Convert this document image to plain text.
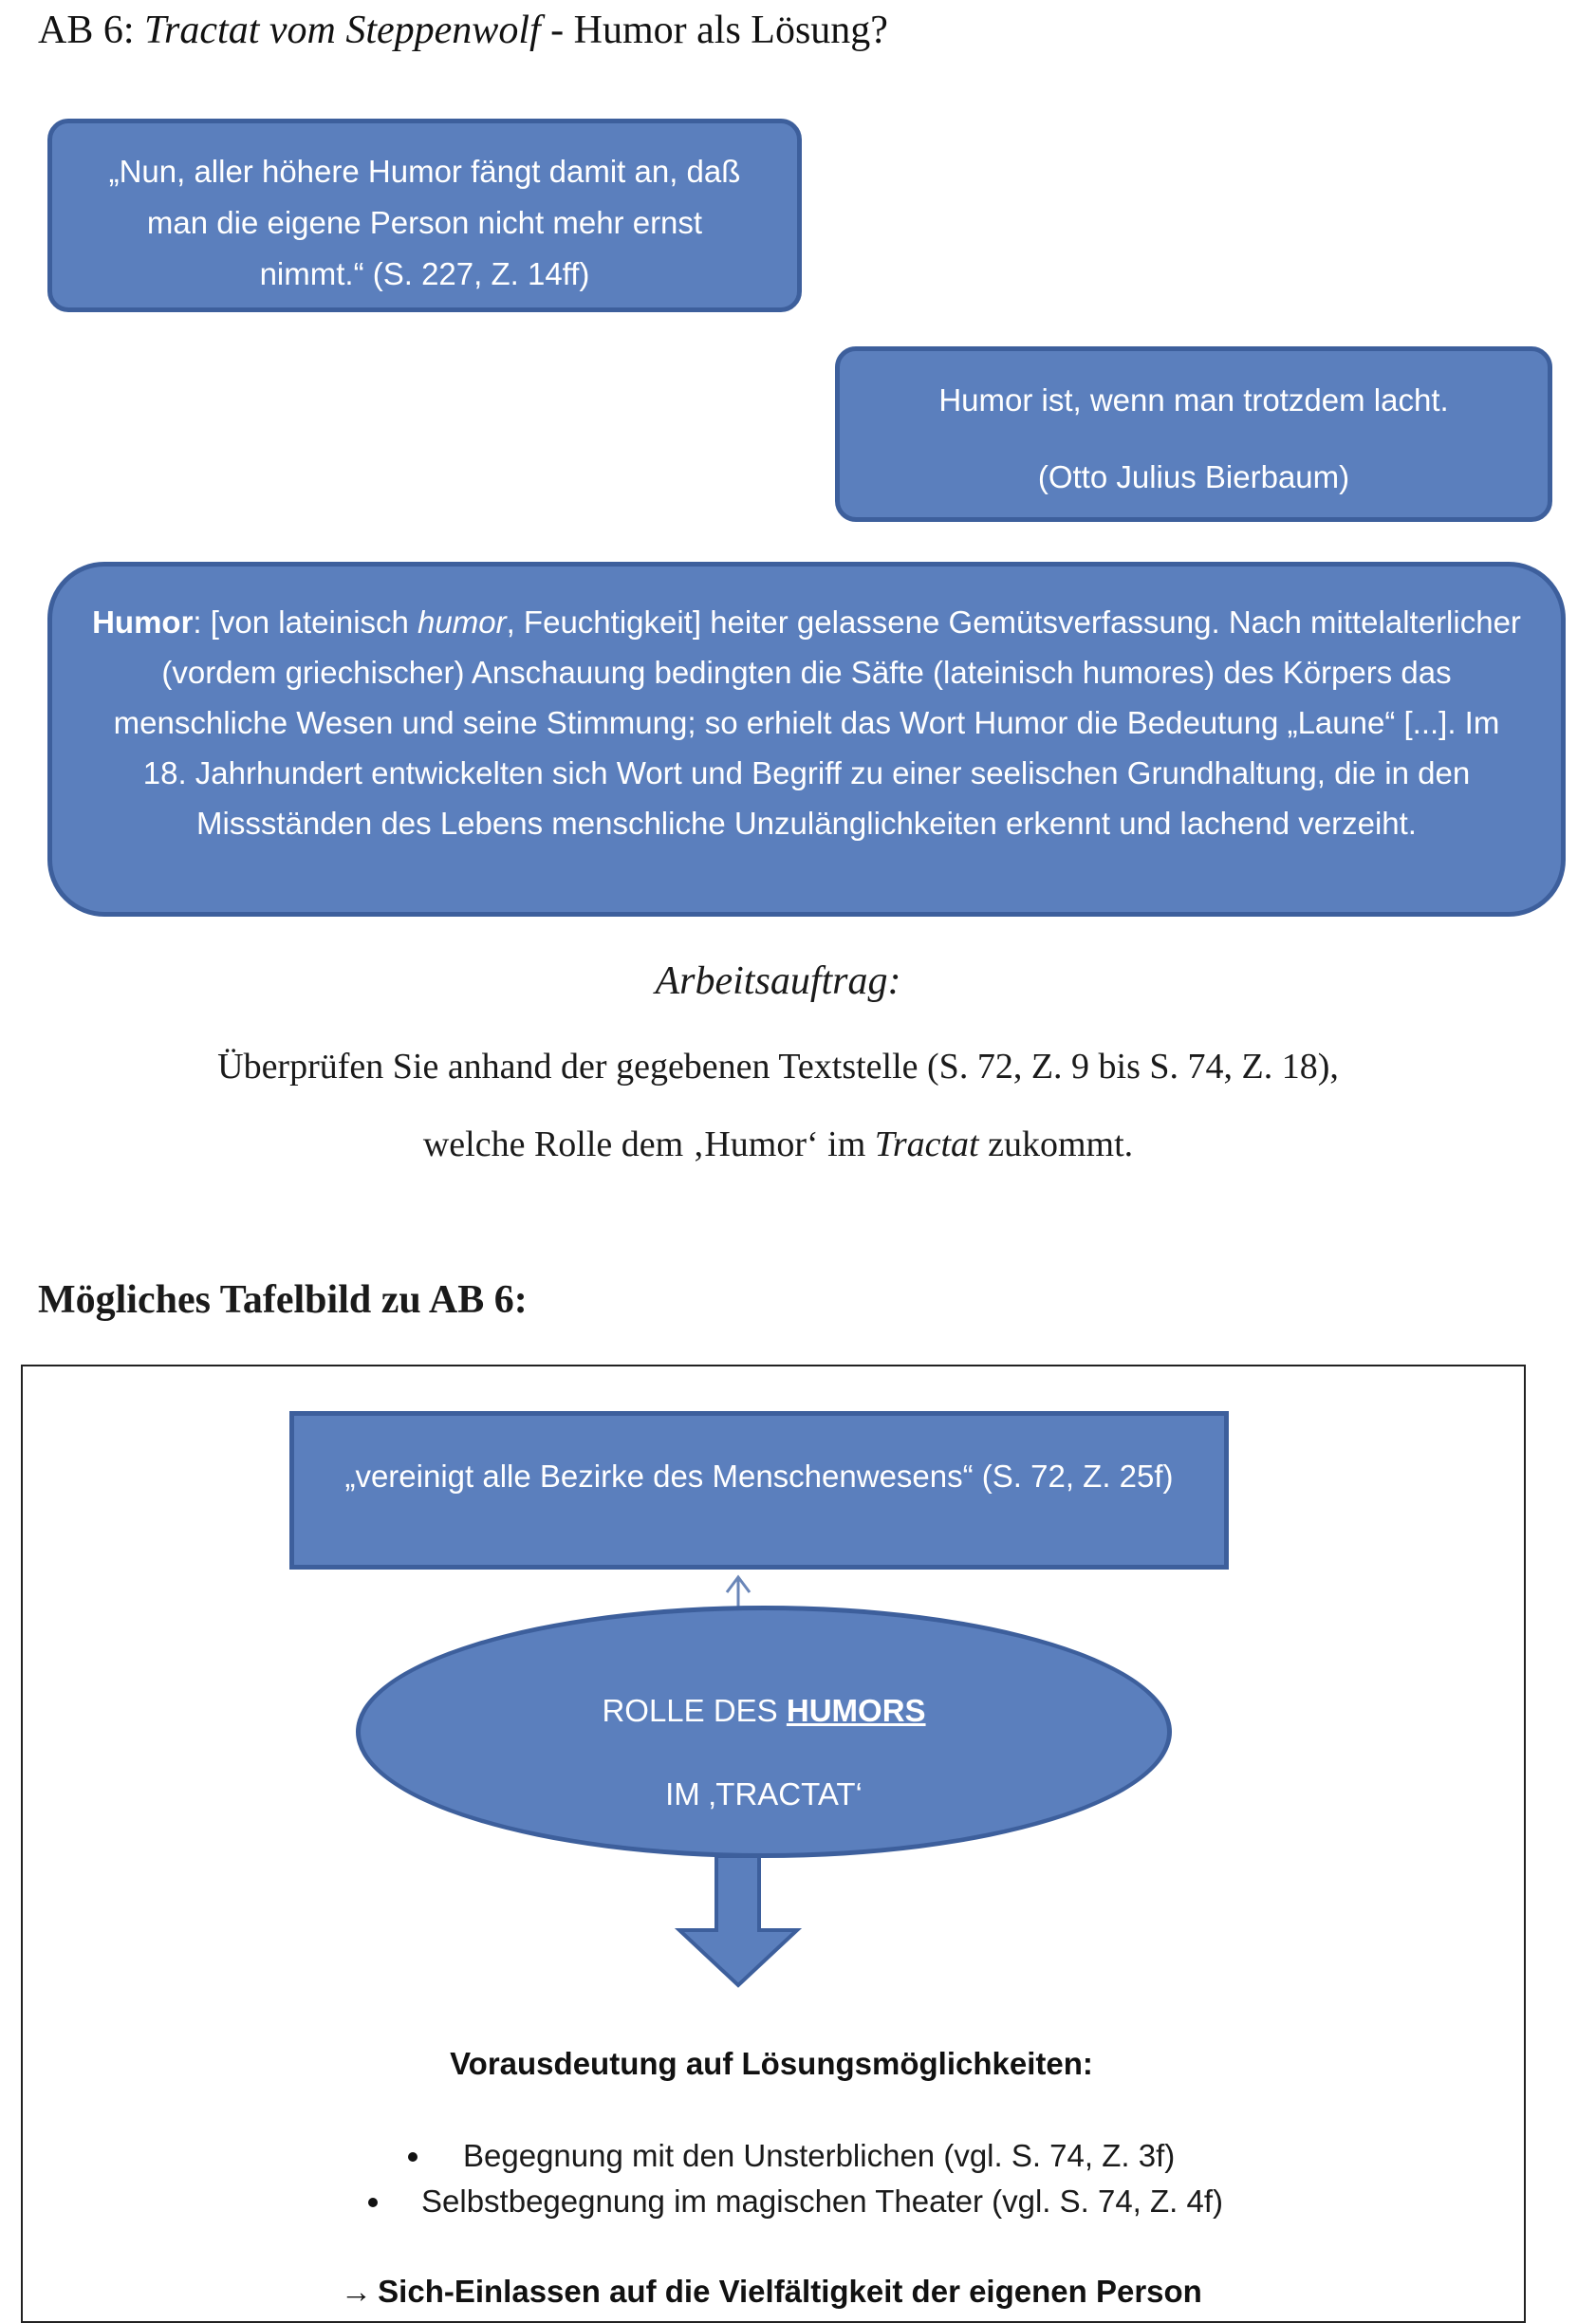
AB 6: Tractat vom Steppenwolf - Humor als Lösung?
„Nun, aller höhere Humor fängt damit an, daß man die eigene Person nicht mehr ernst nimmt.“ (S. 227, Z. 14ff)

Humor ist, wenn man trotzdem lacht.

(Otto Julius Bierbaum)

Humor: [von lateinisch humor, Feuchtigkeit] heiter gelassene Gemütsverfassung. Nach mittelalterlicher (vordem griechischer) Anschauung bedingten die Säfte (lateinisch humores) des Körpers das menschliche Wesen und seine Stimmung; so erhielt das Wort Humor die Bedeutung „Laune“ [...]. Im 18. Jahrhundert entwickelten sich Wort und Begriff zu einer seelischen Grundhaltung, die in den Missständen des Lebens menschliche Unzulänglichkeiten erkennt und lachend verzeiht.
Arbeitsauftrag:
Überprüfen Sie anhand der gegebenen Textstelle (S. 72, Z. 9 bis S. 74, Z. 18),
welche Rolle dem ‚Humor‘ im Tractat zukommt.
Mögliches Tafelbild zu AB 6:
„vereinigt alle Bezirke des Menschenwesens“ (S. 72, Z. 25f)
ROLLE DES HUMORS
IM ‚TRACTAT‘
Vorausdeutung auf Lösungsmöglichkeiten:
Begegnung mit den Unsterblichen (vgl. S. 74, Z. 3f)
Selbstbegegnung im magischen Theater (vgl. S. 74, Z. 4f)
→ Sich-Einlassen auf die Vielfältigkeit der eigenen Person
